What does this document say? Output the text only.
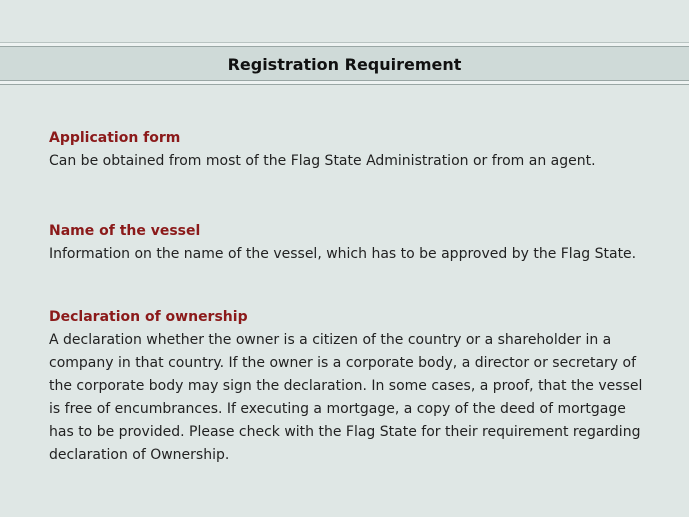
Registration Requirement

Application form

Can be obtained from most of the Flag State Administration or from an agent.

Name of the vessel

Information on the name of the vessel, which has to be approved by the Flag State.

Declaration of ownership

A declaration whether the owner is a citizen of the country or a shareholder in a company in that country. If the owner is a corporate body, a director or secretary of the corporate body may sign the declaration. In some cases, a proof, that the vessel is free of encumbrances. If executing a mortgage, a copy of the deed of mortgage has to be provided. Please check with the Flag State for their requirement regarding declaration of Ownership.
